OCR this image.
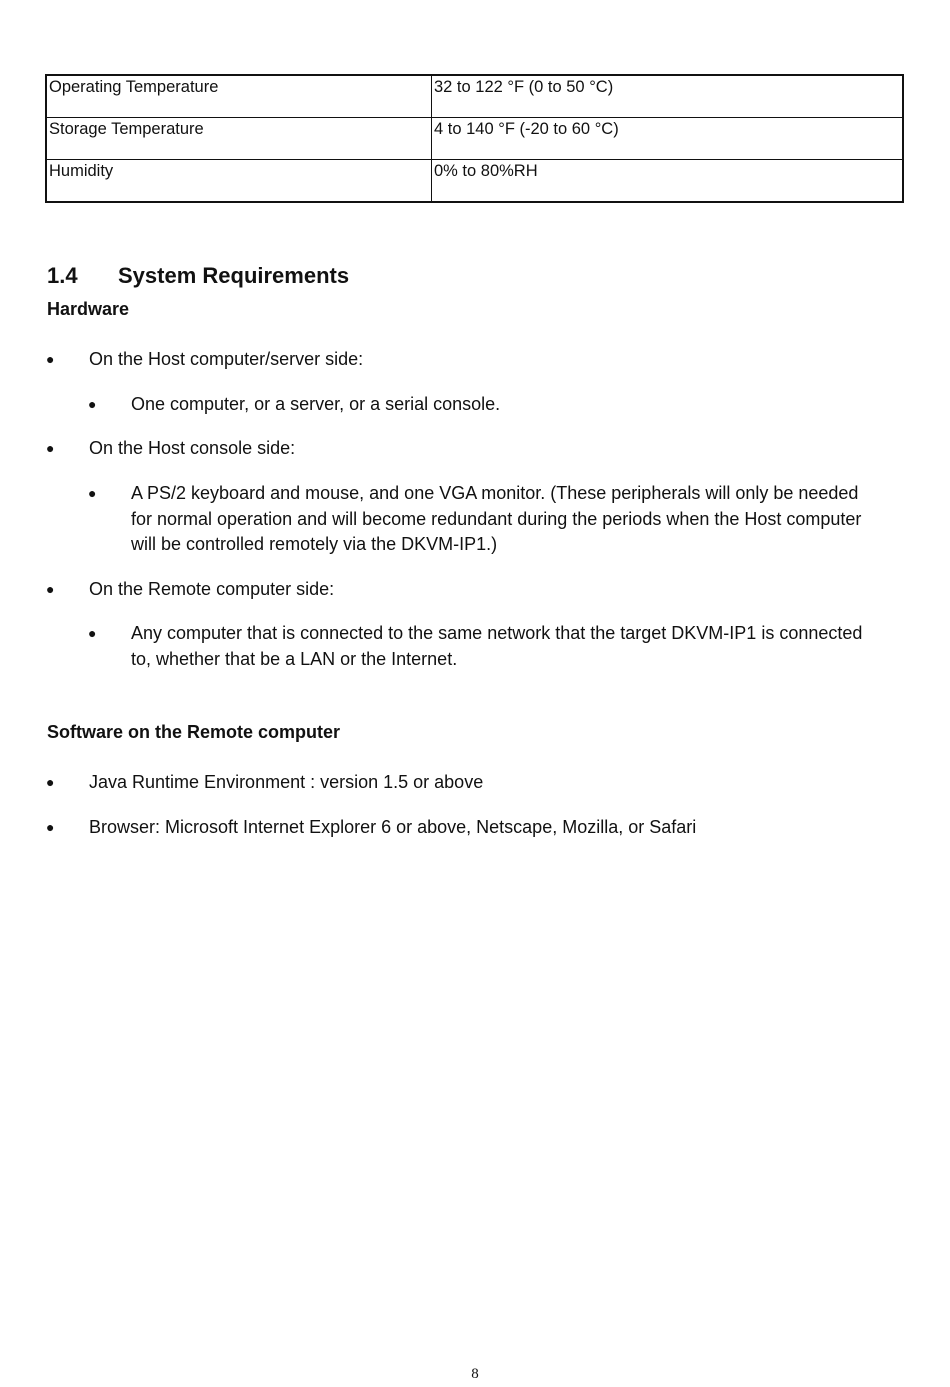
Operating Temperature	32 to 122 °F (0 to 50 °C)
Storage Temperature	4 to 140 °F (-20 to 60 °C)
Humidity	0% to 80%RH
1.4 System Requirements
Hardware
● On the Host computer/server side:
● One computer, or a server, or a serial console.
● On the Host console side:
● A PS/2 keyboard and mouse, and one VGA monitor. (These peripherals will only be needed for normal operation and will become redundant during the periods when the Host computer will be controlled remotely via the DKVM-IP1.)
● On the Remote computer side:
● Any computer that is connected to the same network that the target DKVM-IP1 is connected to, whether that be a LAN or the Internet.
Software on the Remote computer
● Java Runtime Environment : version 1.5 or above
● Browser: Microsoft Internet Explorer 6 or above, Netscape, Mozilla, or Safari
8
